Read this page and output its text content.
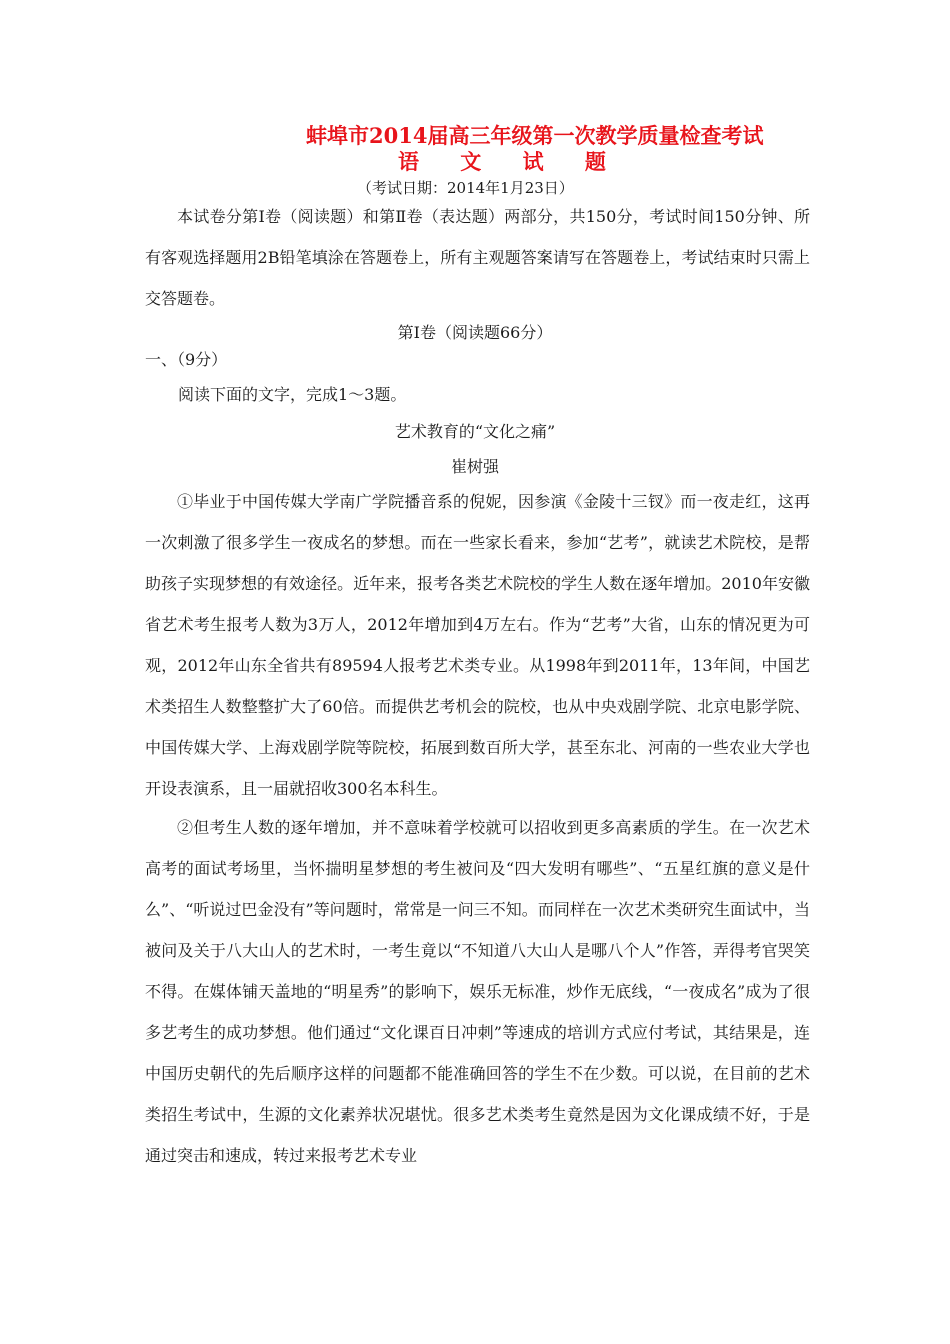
蚌埠市2014届高三年级第一次教学质量检查考试
语 文 试 题
（考试日期：2014年1月23日）

本试卷分第Ⅰ卷（阅读题）和第Ⅱ卷（表达题）两部分，共150分，考试时间150分钟、所有客观选择题用2B铅笔填涂在答题卷上，所有主观题答案请写在答题卷上，考试结束时只需上交答题卷。

第Ⅰ卷（阅读题66分）
一、（9分）
阅读下面的文字，完成1～3题。
艺术教育的“文化之痛”
崔树强

①毕业于中国传媒大学南广学院播音系的倪妮，因参演《金陵十三钗》而一夜走红，这再一次刺激了很多学生一夜成名的梦想。而在一些家长看来，参加“艺考”，就读艺术院校，是帮助孩子实现梦想的有效途径。近年来，报考各类艺术院校的学生人数在逐年增加。2010年安徽省艺术考生报考人数为3万人，2012年增加到4万左右。作为“艺考”大省，山东的情况更为可观，2012年山东全省共有89594人报考艺术类专业。从1998年到2011年，13年间，中国艺术类招生人数整整扩大了60倍。而提供艺考机会的院校，也从中央戏剧学院、北京电影学院、中国传媒大学、上海戏剧学院等院校，拓展到数百所大学，甚至东北、河南的一些农业大学也开设表演系，且一届就招收300名本科生。

②但考生人数的逐年增加，并不意味着学校就可以招收到更多高素质的学生。在一次艺术高考的面试考场里，当怀揣明星梦想的考生被问及“四大发明有哪些”、“五星红旗的意义是什么”、“听说过巴金没有”等问题时，常常是一问三不知。而同样在一次艺术类研究生面试中，当被问及关于八大山人的艺术时，一考生竟以“不知道八大山人是哪八个人”作答，弄得考官哭笑不得。在媒体铺天盖地的“明星秀”的影响下，娱乐无标准，炒作无底线，“一夜成名”成为了很多艺考生的成功梦想。他们通过“文化课百日冲刺”等速成的培训方式应付考试，其结果是，连中国历史朝代的先后顺序这样的问题都不能准确回答的学生不在少数。可以说，在目前的艺术类招生考试中，生源的文化素养状况堪忧。很多艺术类考生竟然是因为文化课成绩不好，于是通过突击和速成，转过来报考艺术专业
